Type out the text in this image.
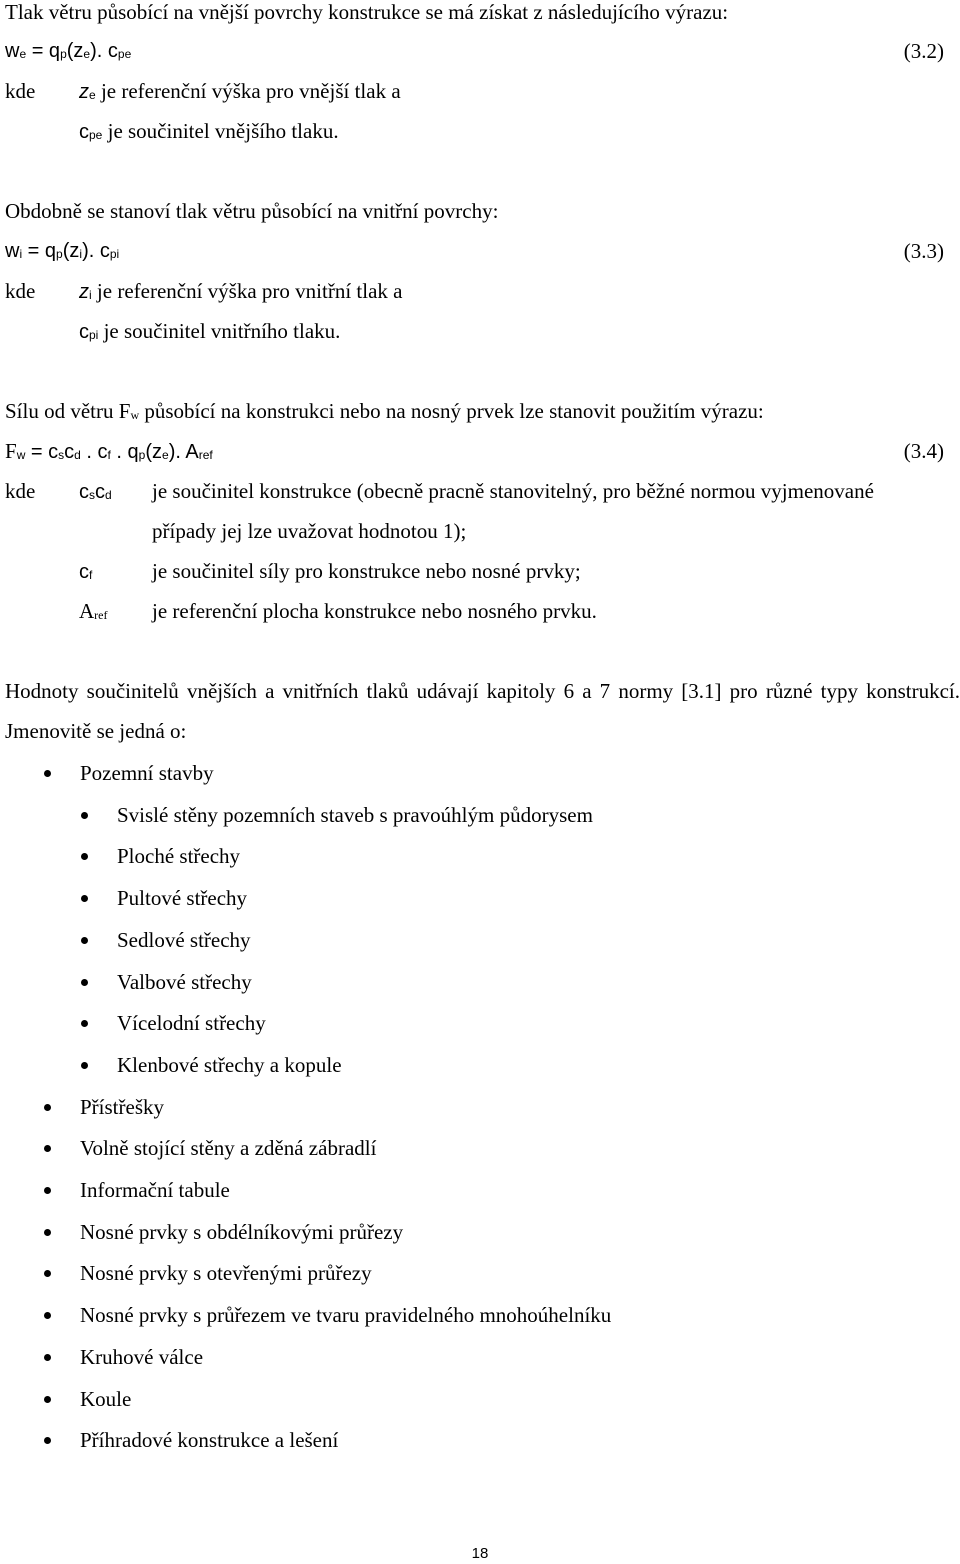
Tlak větru působící na vnější povrchy konstrukce se má získat z následujícího výrazu:
$w_e = q_p(z_e)$. $c_{pe}$	(3.2)
kde $z_e$ je referenční výška pro vnější tlak a
$c_{pe}$ je součinitel vnějšího tlaku.
Obdobně se stanoví tlak větru působící na vnitřní povrchy:
$w_i = q_p(z_i)$. $c_{pi}$	(3.3)
kde $z_i$ je referenční výška pro vnitřní tlak a
$c_{pi}$ je součinitel vnitřního tlaku.
Sílu od větru $F_w$ působící na konstrukci nebo na nosný prvek lze stanovit použitím výrazu:
$F_w = c_sc_d$ . $c_f$ . $q_p(z_e)$. $A_{ref}$	(3.4)
kde $c_sc_d$ je součinitel konstrukce (obecně pracně stanovitelný, pro běžné normou vyjmenované
případy jej lze uvažovat hodnotou 1);
$c_f$	je součinitel síly pro konstrukce nebo nosné prvky;
$A_{ref}$ je referenční plocha konstrukce nebo nosného prvku.
Hodnoty součinitelů vnějších a vnitřních tlaků udávají kapitoly 6 a 7 normy [3.1] pro různé typy konstrukcí. Jmenovitě se jedná o:
Pozemní stavby
Svislé stěny pozemních staveb s pravoúhlým půdorysem
Ploché střechy
Pultové střechy
Sedlové střechy
Valbové střechy
Vícelodní střechy
Klenbové střechy a kopule
Přístřešky
Volně stojící stěny a zděná zábradlí
Informační tabule
Nosné prvky s obdélníkovými průřezy
Nosné prvky s otevřenými průřezy
Nosné prvky s průřezem ve tvaru pravidelného mnohoúhelníku
Kruhové válce
Koule
Příhradové konstrukce a lešení
18
